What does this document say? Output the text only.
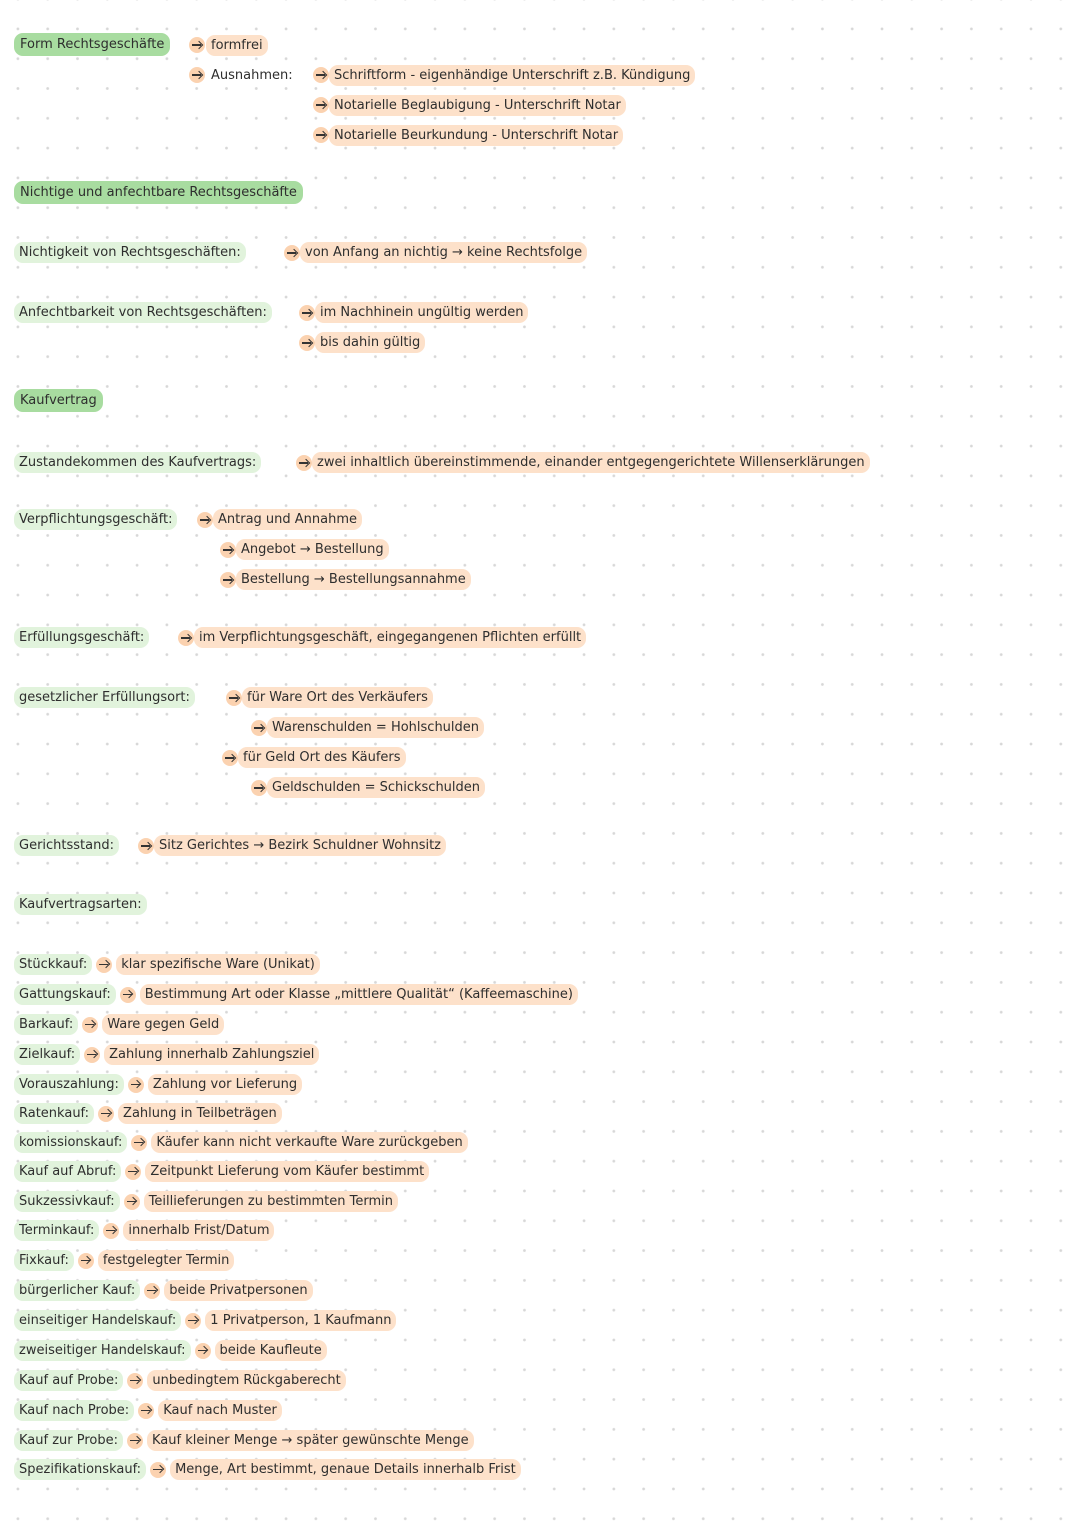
Form Rechtsgeschäfte	formfrei
Ausnahmen:	Schriftform - eigenhändige Unterschrift z.B. Kündigung
Notarielle Beglaubigung - Unterschrift Notar
Notarielle Beurkundung - Unterschrift Notar
Nichtige und anfechtbare Rechtsgeschäfte
Nichtigkeit von Rechtsgeschäften:	von Anfang an nichtig → keine Rechtsfolge
Anfechtbarkeit von Rechtsgeschäften:	im Nachhinein ungültig werden
bis dahin gültig
Kaufvertrag
Zustandekommen des Kaufvertrags:	zwei inhaltlich übereinstimmende, einander entgegengerichtete Willenserklärungen
Verpflichtungsgeschäft:	Antrag und Annahme
Angebot → Bestellung
Bestellung → Bestellungsannahme
Erfüllungsgeschäft:	im Verpflichtungsgeschäft, eingegangenen Pflichten erfüllt
gesetzlicher Erfüllungsort:	für Ware Ort des Verkäufers
Warenschulden = Hohlschulden
für Geld Ort des Käufers
Geldschulden = Schickschulden
Gerichtsstand:	Sitz Gerichtes → Bezirk Schuldner Wohnsitz
Kaufvertragsarten:
Stückkauf:	klar spezifische Ware (Unikat)
Gattungskauf:	Bestimmung Art oder Klasse „mittlere Qualität“ (Kaffeemaschine)
Barkauf:	Ware gegen Geld
Zielkauf:	Zahlung innerhalb Zahlungsziel
Vorauszahlung:	Zahlung vor Lieferung
Ratenkauf:	Zahlung in Teilbeträgen
komissionskauf:	Käufer kann nicht verkaufte Ware zurückgeben
Kauf auf Abruf:	Zeitpunkt Lieferung vom Käufer bestimmt
Sukzessivkauf:	Teillieferungen zu bestimmten Termin
Terminkauf:	innerhalb Frist/Datum
Fixkauf:	festgelegter Termin
bürgerlicher Kauf:	beide Privatpersonen
einseitiger Handelskauf:	1 Privatperson, 1 Kaufmann
zweiseitiger Handelskauf:	beide Kaufleute
Kauf auf Probe:	unbedingtem Rückgaberecht
Kauf nach Probe:	Kauf nach Muster
Kauf zur Probe:	Kauf kleiner Menge → später gewünschte Menge
Spezifikationskauf:	Menge, Art bestimmt, genaue Details innerhalb Frist
